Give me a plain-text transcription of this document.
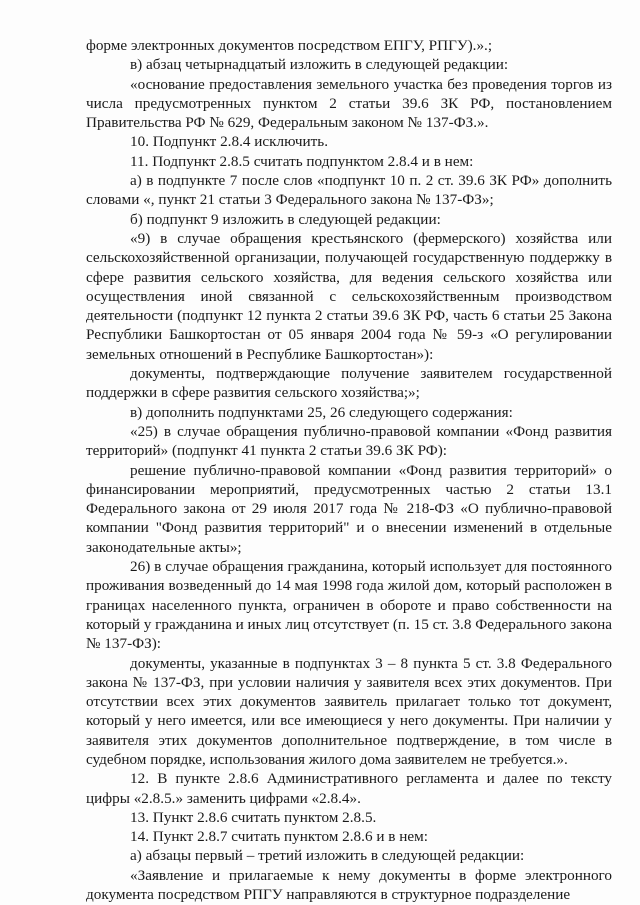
форме электронных документов посредством ЕПГУ, РПГУ).».;

в) абзац четырнадцатый изложить в следующей редакции:

«основание предоставления земельного участка без проведения торгов из числа предусмотренных пунктом 2 статьи 39.6 ЗК РФ, постановлением Правительства РФ № 629, Федеральным законом № 137-ФЗ.».

10. Подпункт 2.8.4 исключить.

11. Подпункт 2.8.5 считать подпунктом 2.8.4 и в нем:

а) в подпункте 7 после слов «подпункт 10 п. 2 ст. 39.6 ЗК РФ» дополнить словами «, пункт 21 статьи 3 Федерального закона № 137-ФЗ»;

б) подпункт 9 изложить в следующей редакции:

«9) в случае обращения крестьянского (фермерского) хозяйства или сельскохозяйственной организации, получающей государственную поддержку в сфере развития сельского хозяйства, для ведения сельского хозяйства или осуществления иной связанной с сельскохозяйственным производством деятельности (подпункт 12 пункта 2 статьи 39.6 ЗК РФ, часть 6 статьи 25 Закона Республики Башкортостан от 05 января 2004 года № 59-з «О регулировании земельных отношений в Республике Башкортостан»):

документы, подтверждающие получение заявителем государственной поддержки в сфере развития сельского хозяйства;»;

в) дополнить подпунктами 25, 26 следующего содержания:

«25) в случае обращения публично-правовой компании «Фонд развития территорий» (подпункт 41 пункта 2 статьи 39.6 ЗК РФ):

решение публично-правовой компании «Фонд развития территорий» о финансировании мероприятий, предусмотренных частью 2 статьи 13.1 Федерального закона от 29 июля 2017 года № 218-ФЗ «О публично-правовой компании "Фонд развития территорий" и о внесении изменений в отдельные законодательные акты»;

26) в случае обращения гражданина, который использует для постоянного проживания возведенный до 14 мая 1998 года жилой дом, который расположен в границах населенного пункта, ограничен в обороте и право собственности на который у гражданина и иных лиц отсутствует (п. 15 ст. 3.8 Федерального закона № 137-ФЗ):

документы, указанные в подпунктах 3 – 8 пункта 5 ст. 3.8 Федерального закона № 137-ФЗ, при условии наличия у заявителя всех этих документов. При отсутствии всех этих документов заявитель прилагает только тот документ, который у него имеется, или все имеющиеся у него документы. При наличии у заявителя этих документов дополнительное подтверждение, в том числе в судебном порядке, использования жилого дома заявителем не требуется.».

12. В пункте 2.8.6 Административного регламента и далее по тексту цифры «2.8.5.» заменить цифрами «2.8.4».

13. Пункт 2.8.6 считать пунктом 2.8.5.

14. Пункт 2.8.7 считать пунктом 2.8.6 и в нем:

а) абзацы первый – третий изложить в следующей редакции:

«Заявление и прилагаемые к нему документы в форме электронного документа посредством РПГУ направляются в структурное подразделение
